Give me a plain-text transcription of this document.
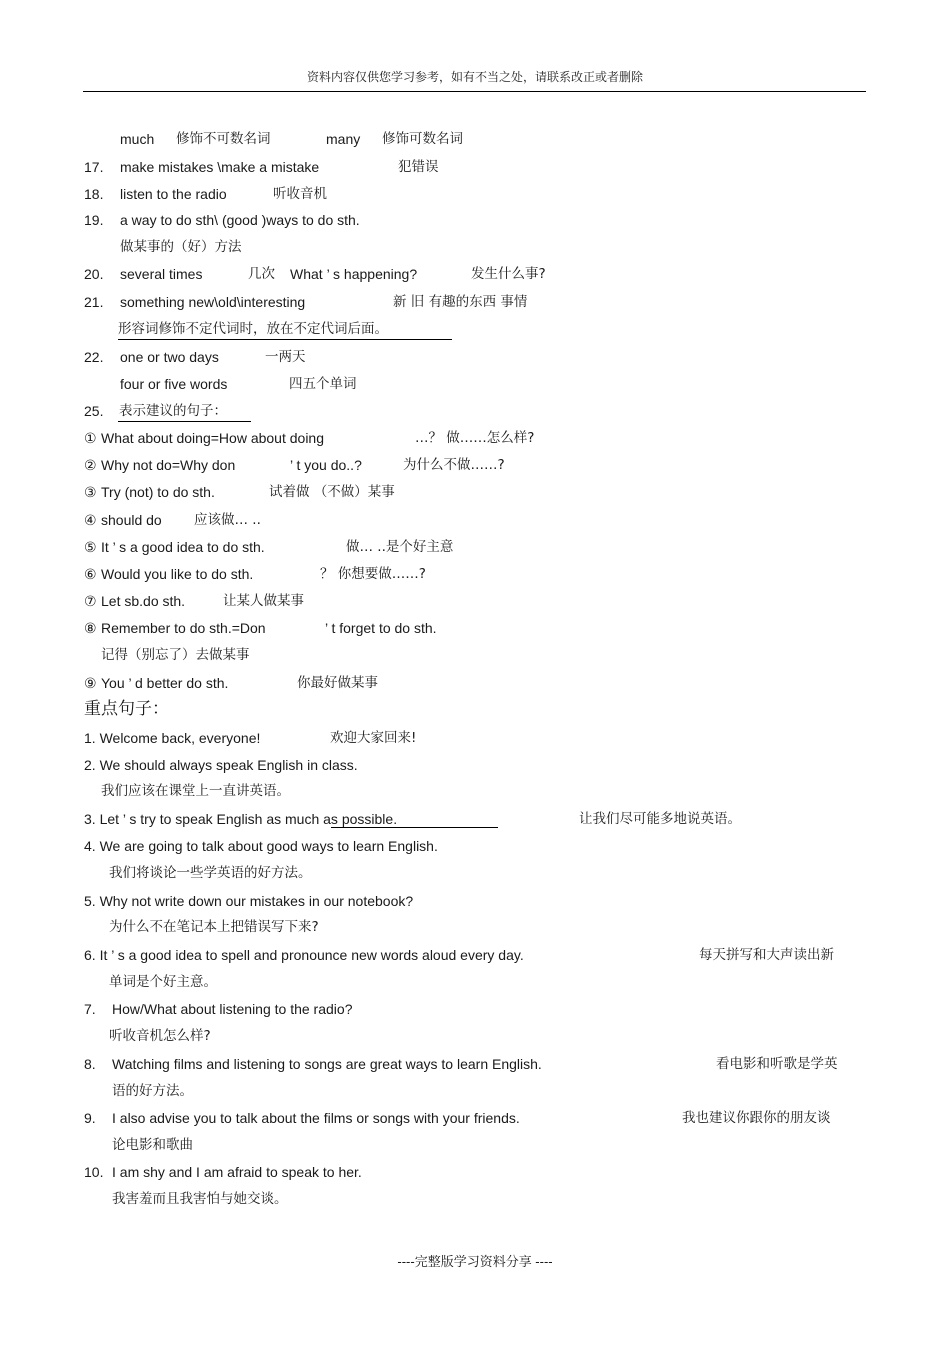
资料内容仅供您学习参考，如有不当之处，请联系改正或者删除
much 修饰不可数名词	many 修饰可数名词
17. make mistakes \make a mistake	犯错误
18. listen to the radio	听收音机
19. a way to do sth\ (good )ways to do sth.
做某事的（好）方法
20. several times	几次 What ’ s happening?	发生什么事?
21. something new\old\interesting	新 旧 有趣的东西 事情
形容词修饰不定代词时，放在不定代词后面。
22. one or two days	一两天
four or five words	四五个单词
25. 表示建议的句子：
① What about doing=How about doing	…？ 做……怎么样?
② Why not do=Why don	’ t you do..?	为什么不做……?
③ Try (not) to do sth.	试着做 （不做）某事
④ should do 应该做… ..
⑤ It ’ s a good idea to do sth.	做… ..是个好主意
⑥ Would you like to do sth.	？ 你想要做……?
⑦ Let sb.do sth.	让某人做某事
⑧ Remember to do sth.=Don	’ t forget to do sth.
记得（别忘了）去做某事
⑨ You ’ d better do sth.	你最好做某事
重点句子：
1. Welcome back, everyone!	欢迎大家回来!
2. We should always speak English in class.
我们应该在课堂上一直讲英语。
3. Let ’ s try to speak English as much as possible.	让我们尽可能多地说英语。
4. We are going to talk about good ways to learn English.
我们将谈论一些学英语的好方法。
5. Why not write down our mistakes in our notebook?
为什么不在笔记本上把错误写下来?
6. It ’ s a good idea to spell and pronounce new words aloud every day.	每天拼写和大声读出新
单词是个好主意。
7. How/What about listening to the radio?
听收音机怎么样?
8. Watching films and listening to songs are great ways to learn English.	看电影和听歌是学英
语的好方法。
9. I also advise you to talk about the films or songs with your friends.	我也建议你跟你的朋友谈
论电影和歌曲
10. I am shy and I am afraid to speak to her.
我害羞而且我害怕与她交谈。
----完整版学习资料分享 ----
